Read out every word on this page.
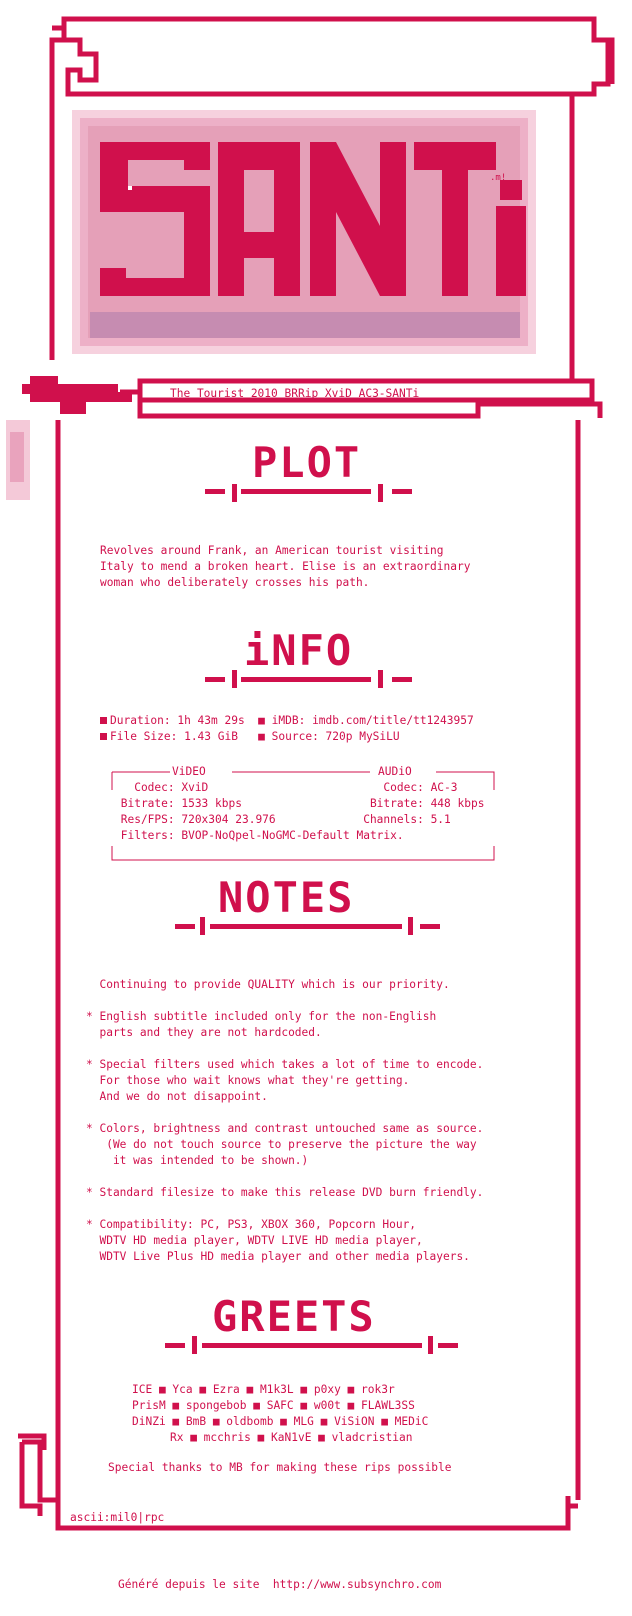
The Tourist 2010 BRRip XviD AC3-SANTi
.m!
PLOT
Revolves around Frank, an American tourist visiting
Italy to mend a broken heart. Elise is an extraordinary
woman who deliberately crosses his path.
iNFO
Duration: 1h 43m 29s  ■ iMDB: imdb.com/title/tt1243957
File Size: 1.43 GiB   ■ Source: 720p MySiLU
ViDEO	AUDiO
Codec: XviD                          Codec: AC-3
Bitrate: 1533 kbps                   Bitrate: 448 kbps
Res/FPS: 720x304 23.976             Channels: 5.1
Filters: BVOP-NoQpel-NoGMC-Default Matrix.
NOTES
Continuing to provide QUALITY which is our priority.
* English subtitle included only for the non-English
parts and they are not hardcoded.
* Special filters used which takes a lot of time to encode.
For those who wait knows what they're getting.
And we do not disappoint.
* Colors, brightness and contrast untouched same as source.
(We do not touch source to preserve the picture the way
it was intended to be shown.)
* Standard filesize to make this release DVD burn friendly.
* Compatibility: PC, PS3, XBOX 360, Popcorn Hour,
WDTV HD media player, WDTV LIVE HD media player,
WDTV Live Plus HD media player and other media players.
GREETS
ICE ■ Yca ■ Ezra ■ M1k3L ■ p0xy ■ rok3r
PrisM ■ spongebob ■ SAFC ■ w00t ■ FLAWL3SS
DiNZi ■ BmB ■ oldbomb ■ MLG ■ ViSiON ■ MEDiC
Rx ■ mcchris ■ KaN1vE ■ vladcristian
Special thanks to MB for making these rips possible
ascii:mil0|rpc
Généré depuis le site  http://www.subsynchro.com
